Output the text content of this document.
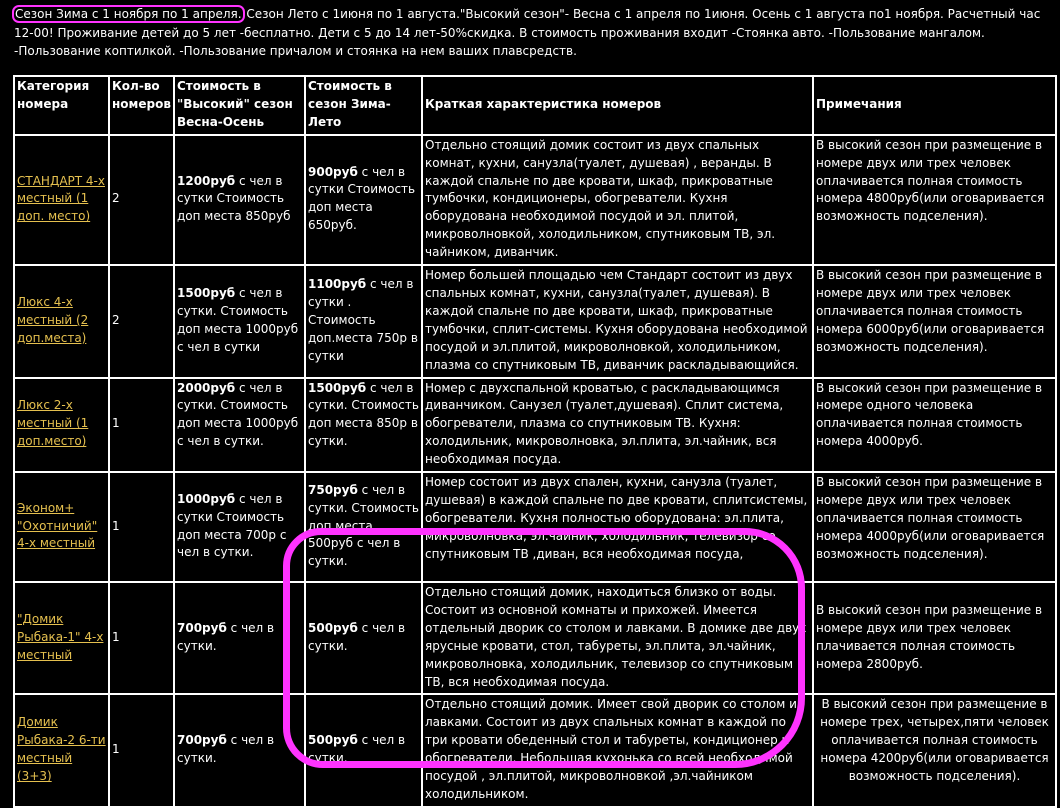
Сезон Зима с 1 ноября по 1 апреля. Сезон Лето с 1июня по 1 августа."Высокий сезон"- Весна с 1 апреля по 1июня. Осень с 1 августа по1 ноября. Расчетный час 12-00! Проживание детей до 5 лет -бесплатно. Дети с 5 до 14 лет-50%скидка. В стоимость проживания входит -Стоянка авто. -Пользование мангалом. -Пользование коптилкой. -Пользование причалом и стоянка на нем ваших плавсредств.
Категория номера	Кол-во номеров	Стоимость в "Высокий" сезон Весна-Осень	Стоимость в сезон Зима-Лето	Краткая характеристика номеров	Примечания
СТАНДАРТ 4-х местный (1 доп. место)	2	1200руб с чел в сутки Стоимость доп места 850руб	900руб с чел в сутки Стоимость доп места 650руб.	Отдельно стоящий домик состоит из двух спальных комнат, кухни, санузла(туалет, душевая) , веранды. В каждой спальне по две кровати, шкаф, прикроватные тумбочки, кондиционеры, обогреватели. Кухня оборудована необходимой посудой и эл. плитой, микроволновкой, холодильником, спутниковым ТВ, эл. чайником, диванчик.	В высокий сезон при размещение в номере двух или трех человек оплачивается полная стоимость номера 4800руб(или оговаривается возможность подселения).
Люкс 4-х местный (2 доп.места)	2	1500руб с чел в сутки. Стоимость доп места 1000руб с чел в сутки	1100руб с чел в сутки . Стоимость доп.места 750р в сутки	Номер большей площадью чем Стандарт состоит из двух спальных комнат, кухни, санузла(туалет, душевая). В каждой спальне по две кровати, шкаф, прикроватные тумбочки, сплит-системы. Кухня оборудована необходимой посудой и эл.плитой, микроволновкой, холодильником, плазма со спутниковым ТВ, диванчик раскладывающийся.	В высокий сезон при размещение в номере двух или трех человек оплачивается полная стоимость номера 6000руб(или оговаривается возможность подселения).
Люкс 2-х местный (1 доп.место)	1	2000руб с чел в сутки. Стоимость доп места 1000руб с чел в сутки.	1500руб с чел в сутки. Стоимость доп места 850р в сутки.	Номер с двухспальной кроватью, с раскладывающимся диванчиком. Санузел (туалет,душевая). Сплит система, обогреватели, плазма со спутниковым ТВ. Кухня: холодильник, микроволновка, эл.плита, эл.чайник, вся необходимая посуда.	В высокий сезон при размещение в номере одного человека оплачивается полная стоимость номера 4000руб.
Эконом+ "Охотничий" 4-х местный	1	1000руб с чел в сутки Стоимость доп места 700р с чел в сутки.	750руб с чел в сутки. Стоимость доп места 500руб с чел в сутки.	Номер состоит из двух спален, кухни, санузла (туалет, душевая) в каждой спальне по две кровати, сплитсистемы, обогреватели. Кухня полностью оборудована: эл.плита, микроволновка, эл.чайник, холодильник, телевизор со спутниковым ТВ ,диван, вся необходимая посуда,	В высокий сезон при размещение в номере двух или трех человек оплачивается полная стоимость номера 4000руб(или оговаривается возможность подселения).
"Домик Рыбака-1" 4-х местный	1	700руб с чел в сутки.	500руб с чел в сутки.	Отдельно стоящий домик, находиться близко от воды. Состоит из основной комнаты и прихожей. Имеется отдельный дворик со столом и лавками. В домике две двух ярусные кровати, стол, табуреты, эл.плита, эл.чайник, микроволновка, холодильник, телевизор со спутниковым ТВ, вся необходимая посуда.	В высокий сезон при размещение в номере двух или трех человек плачивается полная стоимость номера 2800руб.
Домик Рыбака-2 6-ти местный (3+3)	1	700руб с чел в сутки.	500руб с чел в сутки.	Отдельно стоящий домик. Имеет свой дворик со столом и лавками. Состоит из двух спальных комнат в каждой по три кровати обеденный стол и табуреты, кондиционер и обогреватели. Небольшая кухонька со всей необходимой посудой , эл.плитой, микроволновкой ,эл.чайником холодильником.	В высокий сезон при размещение в номере трех, четырех,пяти человек оплачивается полная стоимость номера 4200руб(или оговаривается возможность подселения).
